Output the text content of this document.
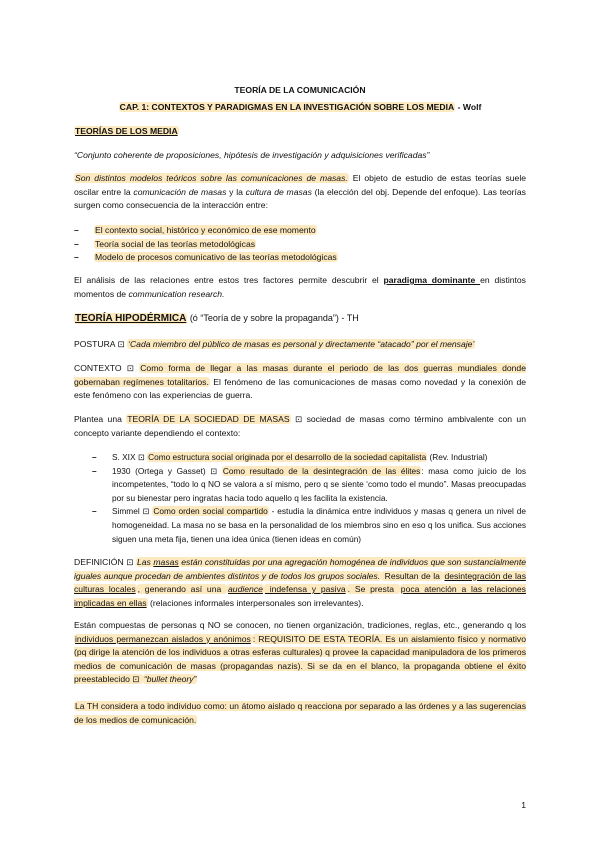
TEORÍA DE LA COMUNICACIÓN
CAP. 1: CONTEXTOS Y PARADIGMAS EN LA INVESTIGACIÓN SOBRE LOS MEDIA - Wolf
TEORÍAS DE LOS MEDIA
“Conjunto coherente de proposiciones, hipótesis de investigación y adquisiciones verificadas”
Son distintos modelos teóricos sobre las comunicaciones de masas. El objeto de estudio de estas teorías suele oscilar entre la comunicación de masas y la cultura de masas (la elección del obj. Depende del enfoque). Las teorías surgen como consecuencia de la interacción entre:
– El contexto social, histórico y económico de ese momento
– Teoría social de las teorías metodológicas
– Modelo de procesos comunicativo de las teorías metodológicas
El análisis de las relaciones entre estos tres factores permite descubrir el paradigma dominante en distintos momentos de communication research.
TEORÍA HIPODÉRMICA (ó “Teoría de y sobre la propaganda”) - TH
POSTURA ⊡ ‘Cada miembro del público de masas es personal y directamente “atacado” por el mensaje’
CONTEXTO ⊡ Como forma de llegar a las masas durante el periodo de las dos guerras mundiales donde gobernaban regímenes totalitarios. El fenómeno de las comunicaciones de masas como novedad y la conexión de este fenómeno con las experiencias de guerra.
Plantea una TEORÍA DE LA SOCIEDAD DE MASAS ⊡ sociedad de masas como término ambivalente con un concepto variante dependiendo el contexto:
– S. XIX ⊡ Como estructura social originada por el desarrollo de la sociedad capitalista (Rev. Industrial)
– 1930 (Ortega y Gasset) ⊡ Como resultado de la desintegración de las élites: masa como juicio de los incompetentes, “todo lo q NO se valora a sí mismo, pero q se siente ‘como todo el mundo”. Masas preocupadas por su bienestar pero ingratas hacia todo aquello q les facilita la existencia.
– Simmel ⊡ Como orden social compartido - estudia la dinámica entre individuos y masas q genera un nivel de homogeneidad. La masa no se basa en la personalidad de los miembros sino en eso q los unifica. Sus acciones siguen una meta fija, tienen una idea única (tienen ideas en común)
DEFINICIÓN ⊡ Las masas están constituidas por una agregación homogénea de individuos que son sustancialmente iguales aunque procedan de ambientes distintos y de todos los grupos sociales. Resultan de la desintegración de las culturas locales , generando así una audience indefensa y pasiva . Se presta poca atención a las relaciones implicadas en ellas (relaciones informales interpersonales son irrelevantes).
Están compuestas de personas q NO se conocen, no tienen organización, tradiciones, reglas, etc., generando q los individuos permanezcan aislados y anónimos : REQUISITO DE ESTA TEORÍA. Es un aislamiento físico y normativo (pq dirige la atención de los individuos a otras esferas culturales) q provee la capacidad manipuladora de los primeros medios de comunicación de masas (propagandas nazis). Si se da en el blanco, la propaganda obtiene el éxito preestablecido ⊡ “bullet theory”
La TH considera a todo individuo como: un átomo aislado q reacciona por separado a las órdenes y a las sugerencias de los medios de comunicación.
1
